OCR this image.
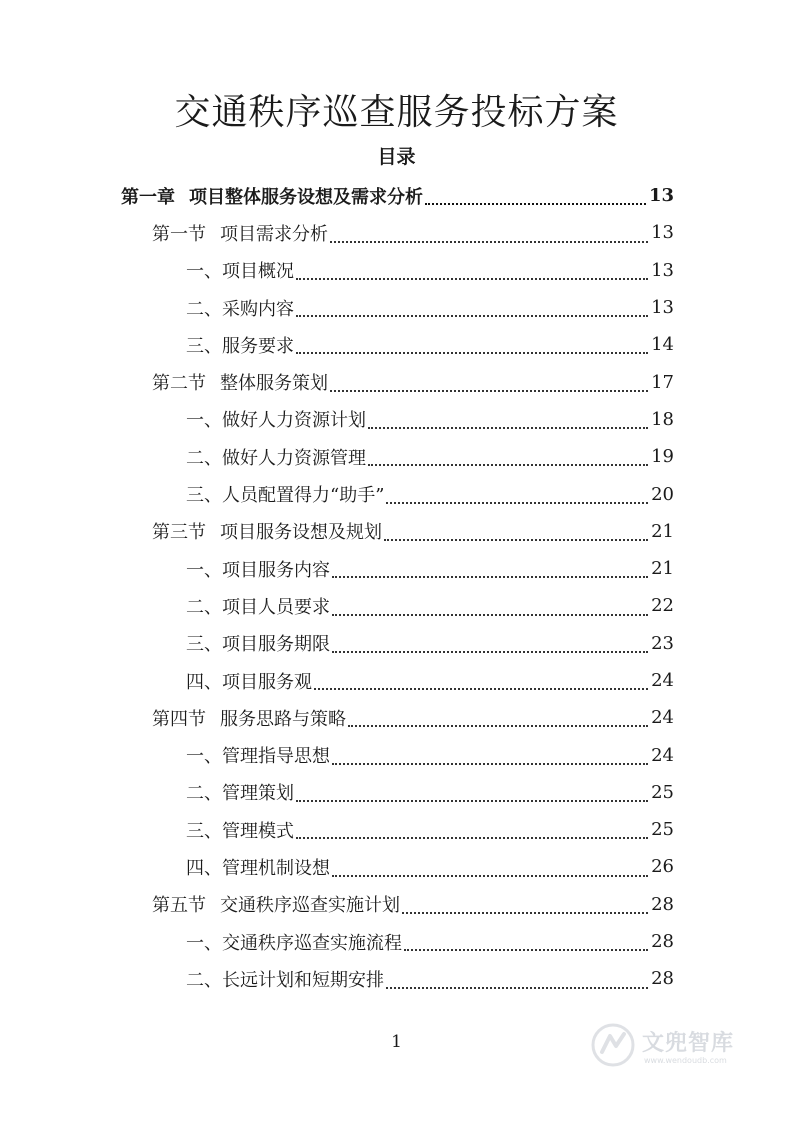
交通秩序巡查服务投标方案
目录
第一章 项目整体服务设想及需求分析	13
第一节 项目需求分析	13
一、项目概况	13
二、采购内容	13
三、服务要求	14
第二节 整体服务策划	17
一、做好人力资源计划	18
二、做好人力资源管理	19
三、人员配置得力“助手”	20
第三节 项目服务设想及规划	21
一、项目服务内容	21
二、项目人员要求	22
三、项目服务期限	23
四、项目服务观	24
第四节 服务思路与策略	24
一、管理指导思想	24
二、管理策划	25
三、管理模式	25
四、管理机制设想	26
第五节 交通秩序巡查实施计划	28
一、交通秩序巡查实施流程	28
二、长远计划和短期安排	28
1	文兜智库
www.wendoudb.com
